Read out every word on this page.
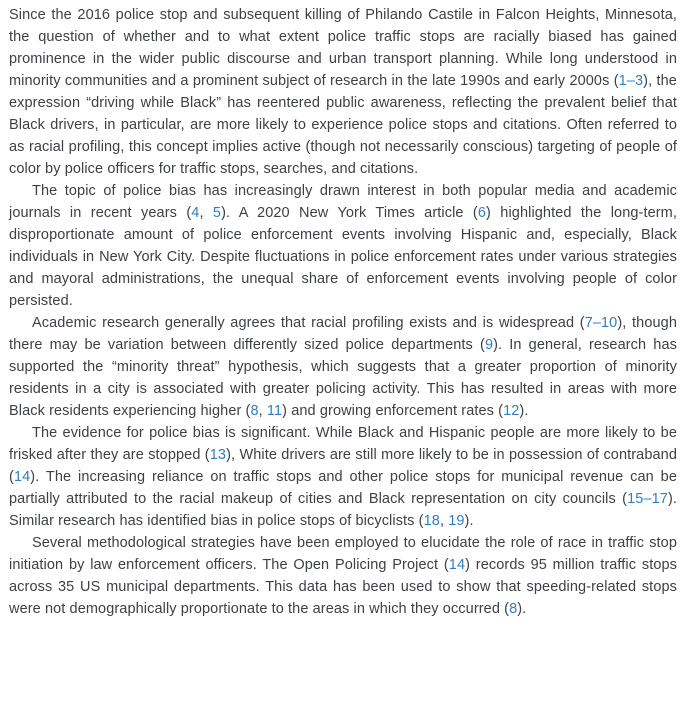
Since the 2016 police stop and subsequent killing of Philando Castile in Falcon Heights, Minnesota, the question of whether and to what extent police traffic stops are racially biased has gained prominence in the wider public discourse and urban transport planning. While long understood in minority communities and a prominent subject of research in the late 1990s and early 2000s (1–3), the expression “driving while Black” has reentered public awareness, reflecting the prevalent belief that Black drivers, in particular, are more likely to experience police stops and citations. Often referred to as racial profiling, this concept implies active (though not necessarily conscious) targeting of people of color by police officers for traffic stops, searches, and citations.

The topic of police bias has increasingly drawn interest in both popular media and academic journals in recent years (4, 5). A 2020 New York Times article (6) highlighted the long-term, disproportionate amount of police enforcement events involving Hispanic and, especially, Black individuals in New York City. Despite fluctuations in police enforcement rates under various strategies and mayoral administrations, the unequal share of enforcement events involving people of color persisted.

Academic research generally agrees that racial profiling exists and is widespread (7–10), though there may be variation between differently sized police departments (9). In general, research has supported the “minority threat” hypothesis, which suggests that a greater proportion of minority residents in a city is associated with greater policing activity. This has resulted in areas with more Black residents experiencing higher (8, 11) and growing enforcement rates (12).

The evidence for police bias is significant. While Black and Hispanic people are more likely to be frisked after they are stopped (13), White drivers are still more likely to be in possession of contraband (14). The increasing reliance on traffic stops and other police stops for municipal revenue can be partially attributed to the racial makeup of cities and Black representation on city councils (15–17). Similar research has identified bias in police stops of bicyclists (18, 19).

Several methodological strategies have been employed to elucidate the role of race in traffic stop initiation by law enforcement officers. The Open Policing Project (14) records 95 million traffic stops across 35 US municipal departments. This data has been used to show that speeding-related stops were not demographically proportionate to the areas in which they occurred (8).
